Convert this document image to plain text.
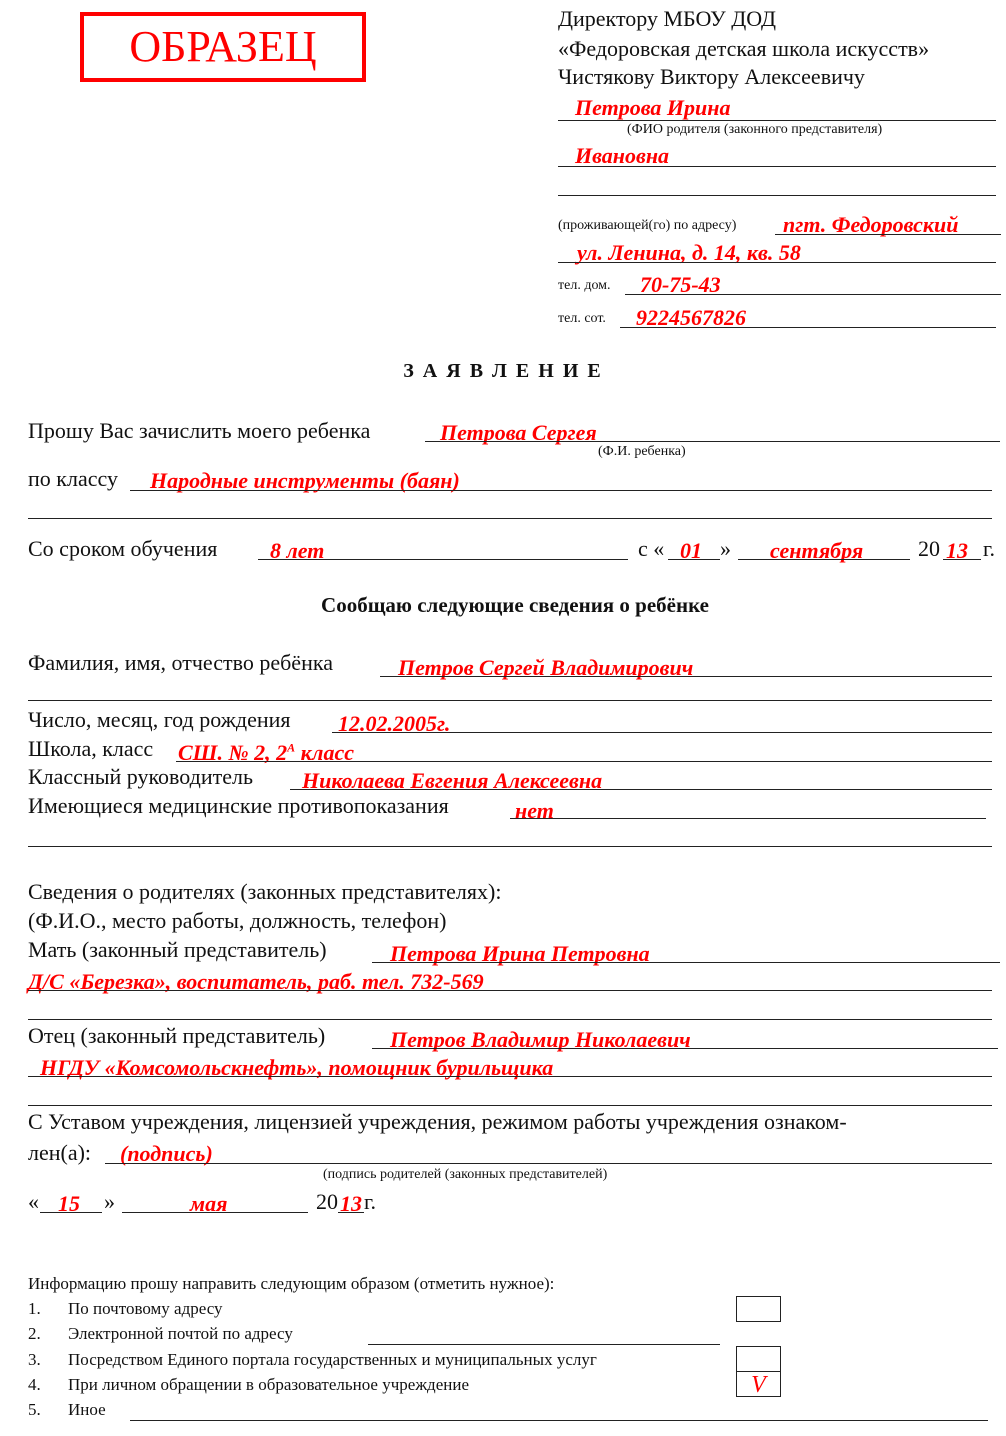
ОБРАЗЕЦ
Директору МБОУ ДОД
«Федоровская детская школа искусств»
Чистякову Виктору Алексеевичу
Петрова Ирина
(ФИО родителя (законного представителя)
Ивановна
(проживающей(го) по адресу) пгт. Федоровский
ул. Ленина, д. 14, кв. 58
тел. дом. 70-75-43
тел. сот. 9224567826
З А Я В Л Е Н И Е
Прошу Вас зачислить моего ребенка	Петрова Сергея
(Ф.И. ребенка)
по классу Народные инструменты (баян)
Со сроком обучения 8 лет	с « 01 » сентября 20 13 г.
Сообщаю следующие сведения о ребёнке
Фамилия, имя, отчество ребёнка	Петров Сергей Владимирович
Число, месяц, год рождения 12.02.2005г.
Школа, класс СШ. № 2, $2^А$ класс
Классный руководитель Николаева Евгения Алексеевна
Имеющиеся медицинские противопоказания	нет
Сведения о родителях (законных представителях):
(Ф.И.О., место работы, должность, телефон)
Мать (законный представитель)	Петрова Ирина Петровна
Д/С «Березка», воспитатель, раб. тел. 732-569
Отец (законный представитель)	Петров Владимир Николаевич
НГДУ «Комсомольскнефть», помощник бурильщика
С Уставом учреждения, лицензией учреждения, режимом работы учреждения ознаком-
лен(а): (подпись)
(подпись родителей (законных представителей)
« 15 »	мая	20 13 г.
Информацию прошу направить следующим образом (отметить нужное):
1. По почтовому адресу
2. Электронной почтой по адресу
3. Посредством Единого портала государственных и муниципальных услуг
4. При личном обращении в образовательное учреждение	V
5. Иное
